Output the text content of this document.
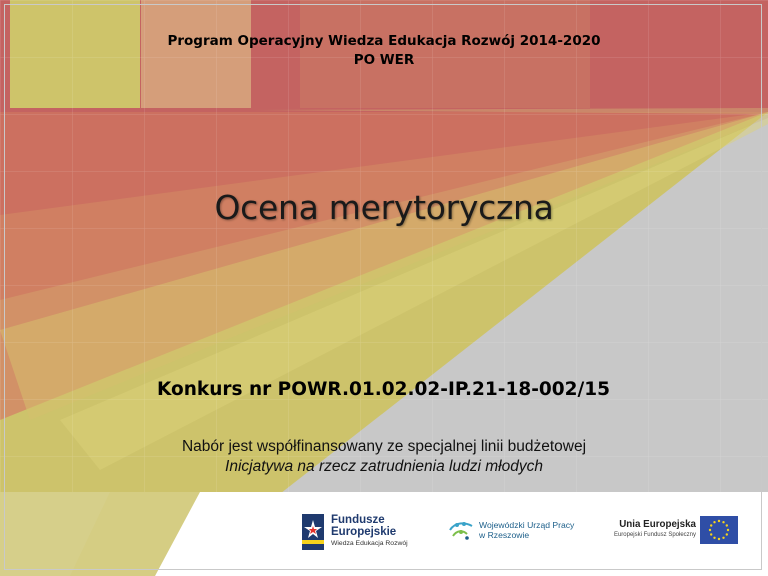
Program Operacyjny Wiedza Edukacja Rozwój 2014-2020
PO WER
Ocena merytoryczna
Konkurs nr POWR.01.02.02-IP.21-18-002/15
Nabór jest współfinansowany ze specjalnej linii budżetowej
Inicjatywa na rzecz zatrudnienia ludzi młodych
Fundusze
Europejskie
Wiedza Edukacja Rozwój
Wojewódzki Urząd Pracy
w Rzeszowie
Unia Europejska
Europejski Fundusz Społeczny
